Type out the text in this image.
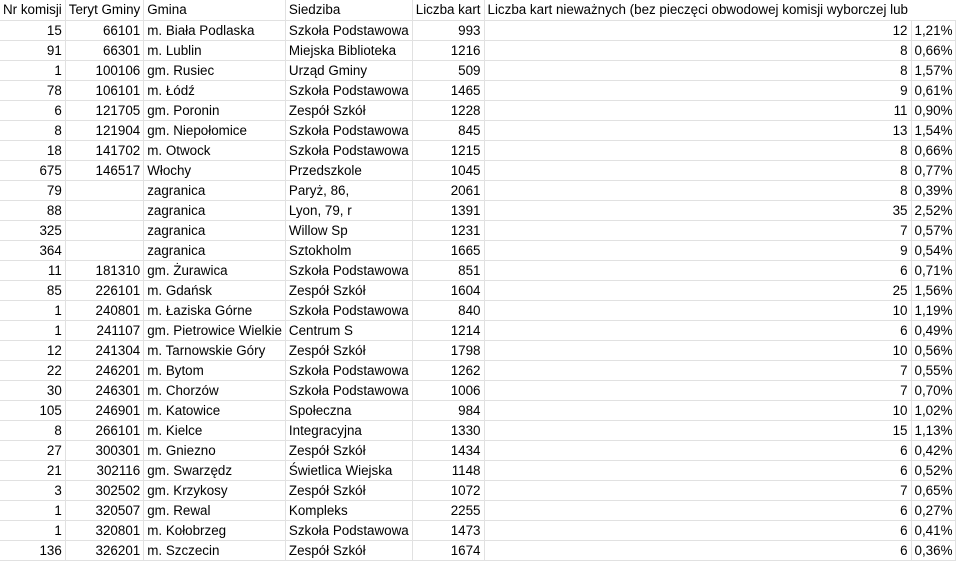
Nr komisji	Teryt Gminy	Gmina	Siedziba	Liczba kart	Liczba kart nieważnych (bez pieczęci obwodowej komisji wyborczej lub	
15	66101	m. Biała Podlaska	Szkoła Podstawowa	993	12	1,21%
91	66301	m. Lublin	Miejska Biblioteka	1216	8	0,66%
1	100106	gm. Rusiec	Urząd Gminy	509	8	1,57%
78	106101	m. Łódź	Szkoła Podstawowa	1465	9	0,61%
6	121705	gm. Poronin	Zespół Szkół	1228	11	0,90%
8	121904	gm. Niepołomice	Szkoła Podstawowa	845	13	1,54%
18	141702	m. Otwock	Szkoła Podstawowa	1215	8	0,66%
675	146517	Włochy	Przedszkole	1045	8	0,77%
79		zagranica	Paryż, 86,	2061	8	0,39%
88		zagranica	Lyon, 79, r	1391	35	2,52%
325		zagranica	Willow Sp	1231	7	0,57%
364		zagranica	Sztokholm	1665	9	0,54%
11	181310	gm. Żurawica	Szkoła Podstawowa	851	6	0,71%
85	226101	m. Gdańsk	Zespół Szkół	1604	25	1,56%
1	240801	m. Łaziska Górne	Szkoła Podstawowa	840	10	1,19%
1	241107	gm. Pietrowice Wielkie	Centrum S	1214	6	0,49%
12	241304	m. Tarnowskie Góry	Zespół Szkół	1798	10	0,56%
22	246201	m. Bytom	Szkoła Podstawowa	1262	7	0,55%
30	246301	m. Chorzów	Szkoła Podstawowa	1006	7	0,70%
105	246901	m. Katowice	Społeczna	984	10	1,02%
8	266101	m. Kielce	Integracyjna	1330	15	1,13%
27	300301	m. Gniezno	Zespół Szkół	1434	6	0,42%
21	302116	gm. Swarzędz	Świetlica Wiejska	1148	6	0,52%
3	302502	gm. Krzykosy	Zespół Szkół	1072	7	0,65%
1	320507	gm. Rewal	Kompleks	2255	6	0,27%
1	320801	m. Kołobrzeg	Szkoła Podstawowa	1473	6	0,41%
136	326201	m. Szczecin	Zespół Szkół	1674	6	0,36%
